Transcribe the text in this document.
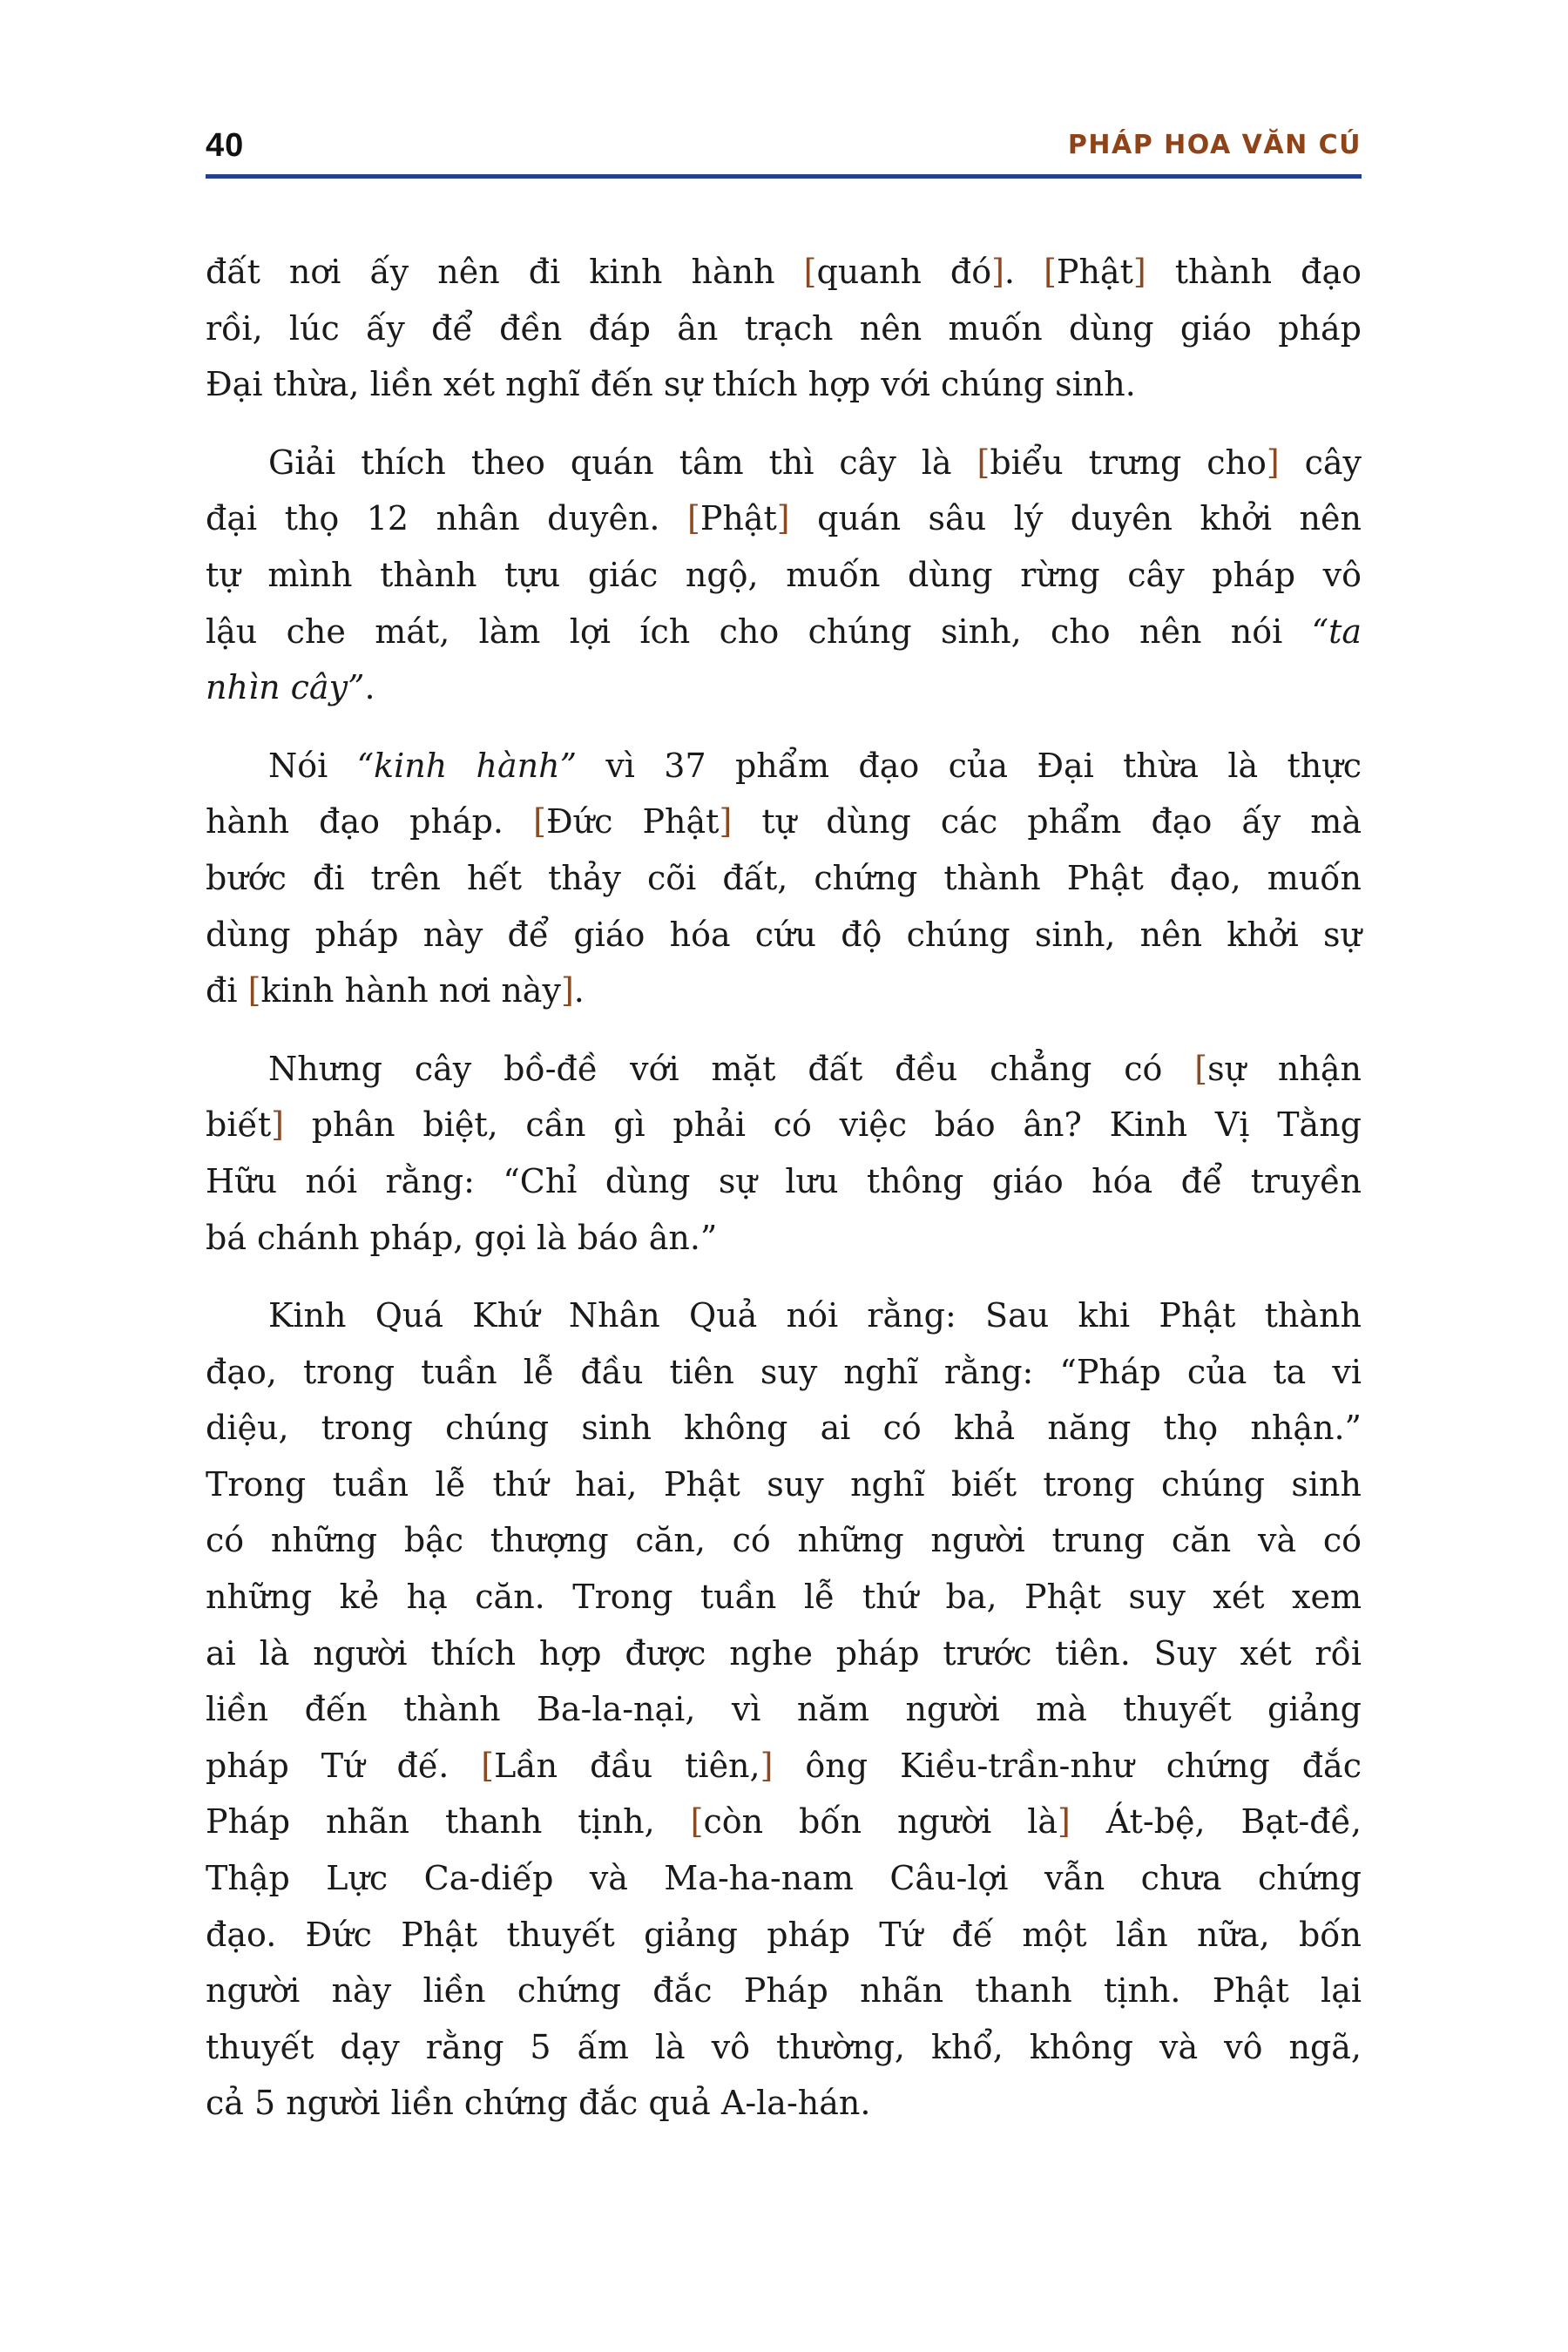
40	PHÁP HOA VĂN CÚ
đất nơi ấy nên đi kinh hành [quanh đó]. [Phật] thành đạo
rồi, lúc ấy để đền đáp ân trạch nên muốn dùng giáo pháp
Đại thừa, liền xét nghĩ đến sự thích hợp với chúng sinh.
Giải thích theo quán tâm thì cây là [biểu trưng cho] cây
đại thọ 12 nhân duyên. [Phật] quán sâu lý duyên khởi nên
tự mình thành tựu giác ngộ, muốn dùng rừng cây pháp vô
lậu che mát, làm lợi ích cho chúng sinh, cho nên nói “ta
nhìn cây”.
Nói “kinh hành” vì 37 phẩm đạo của Đại thừa là thực
hành đạo pháp. [Đức Phật] tự dùng các phẩm đạo ấy mà
bước đi trên hết thảy cõi đất, chứng thành Phật đạo, muốn
dùng pháp này để giáo hóa cứu độ chúng sinh, nên khởi sự
đi [kinh hành nơi này].
Nhưng cây bồ-đề với mặt đất đều chẳng có [sự nhận
biết] phân biệt, cần gì phải có việc báo ân? Kinh Vị Tằng
Hữu nói rằng: “Chỉ dùng sự lưu thông giáo hóa để truyền
bá chánh pháp, gọi là báo ân.”
Kinh Quá Khứ Nhân Quả nói rằng: Sau khi Phật thành
đạo, trong tuần lễ đầu tiên suy nghĩ rằng: “Pháp của ta vi
diệu, trong chúng sinh không ai có khả năng thọ nhận.”
Trong tuần lễ thứ hai, Phật suy nghĩ biết trong chúng sinh
có những bậc thượng căn, có những người trung căn và có
những kẻ hạ căn. Trong tuần lễ thứ ba, Phật suy xét xem
ai là người thích hợp được nghe pháp trước tiên. Suy xét rồi
liền đến thành Ba-la-nại, vì năm người mà thuyết giảng
pháp Tứ đế. [Lần đầu tiên,] ông Kiều-trần-như chứng đắc
Pháp nhãn thanh tịnh, [còn bốn người là] Át-bệ, Bạt-đề,
Thập Lực Ca-diếp và Ma-ha-nam Câu-lợi vẫn chưa chứng
đạo. Đức Phật thuyết giảng pháp Tứ đế một lần nữa, bốn
người này liền chứng đắc Pháp nhãn thanh tịnh. Phật lại
thuyết dạy rằng 5 ấm là vô thường, khổ, không và vô ngã,
cả 5 người liền chứng đắc quả A-la-hán.
